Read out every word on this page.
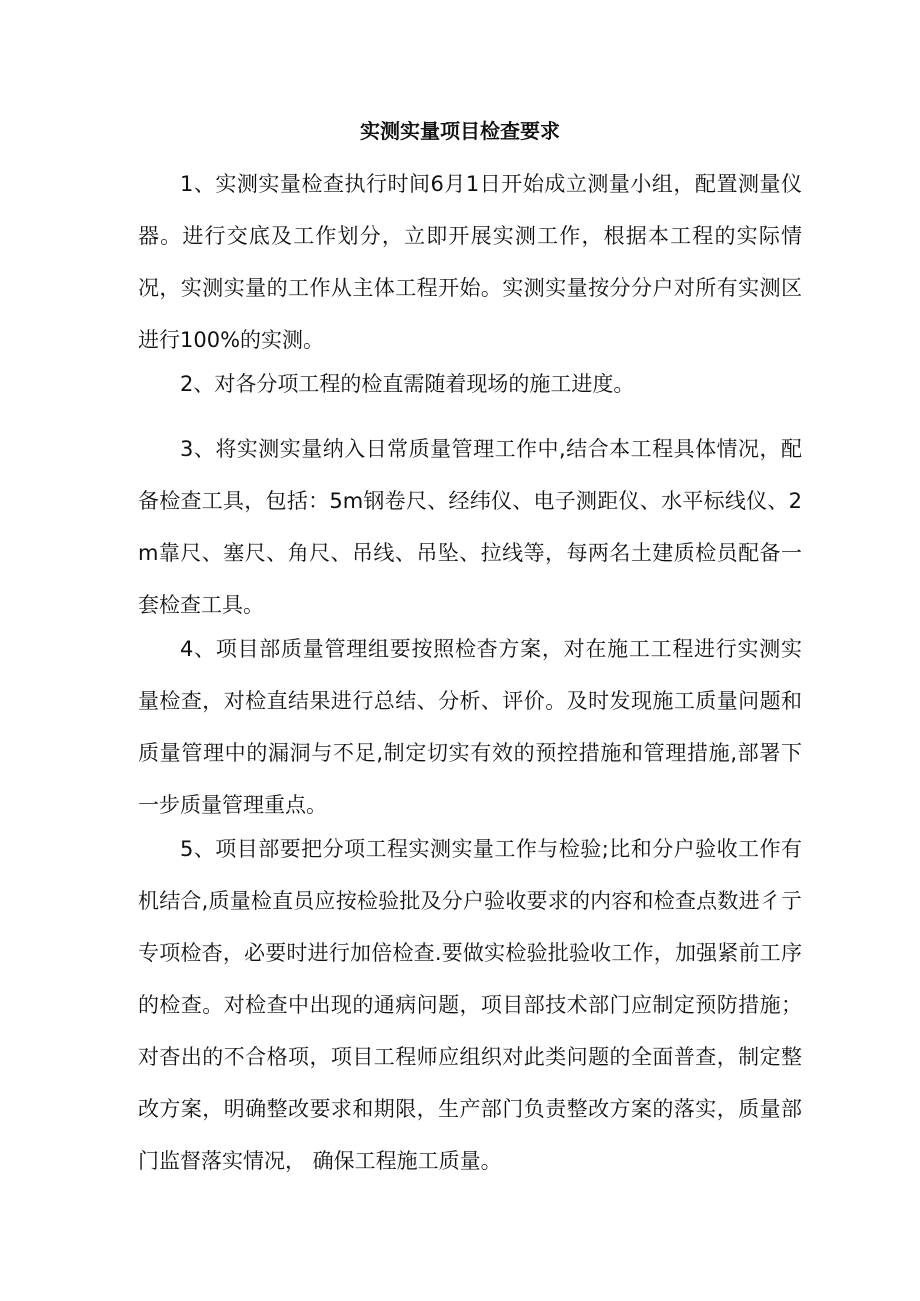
实测实量项目检查要求

1、实测实量检查执行时间6月1日开始成立测量小组，配置测量仪器。进行交底及工作划分，立即开展实测工作，根据本工程的实际情况，实测实量的工作从主体工程开始。实测实量按分分户对所有实测区进行100%的实测。

2、对各分项工程的检直需随着现场的施工进度。

3、将实测实量纳入日常质量管理工作中,结合本工程具体情况，配备检查工具，包括：5m钢卷尺、经纬仪、电子测距仪、水平标线仪、2m靠尺、塞尺、角尺、吊线、吊坠、拉线等，每两名土建质检员配备一套检查工具。

4、项目部质量管理组要按照检杳方案，对在施工工程进行实测实量检查，对检直结果进行总结、分析、评价。及时发现施工质量问题和质量管理中的漏洞与不足,制定切实有效的预控措施和管理措施,部署下一步质量管理重点。

5、项目部要把分项工程实测实量工作与检验;比和分户验收工作有机结合,质量检直员应按检验批及分户验收要求的内容和检查点数进彳亍专项检杳，必要时进行加倍检查.要做实检验批验收工作，加强紧前工序的检查。对检查中出现的通病问题，项目部技术部门应制定预防措施；对杳出的不合格项，项目工程师应组织对此类问题的全面普查，制定整改方案，明确整改要求和期限，生产部门负责整改方案的落实，质量部门监督落实情况， 确保工程施工质量。
